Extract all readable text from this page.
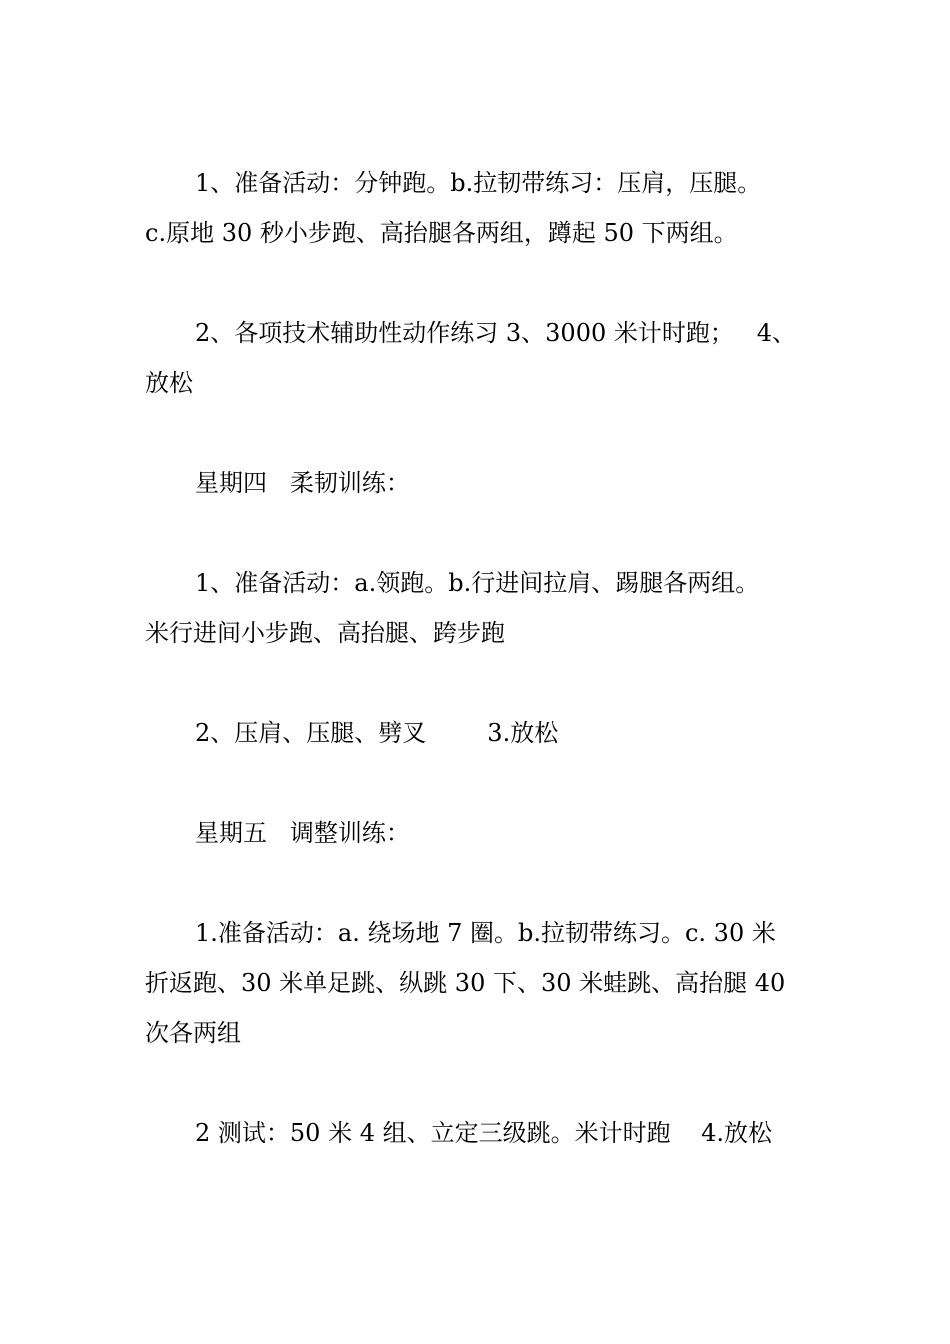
1、准备活动：分钟跑。b.拉韧带练习：压肩，压腿。
c.原地 30 秒小步跑、高抬腿各两组，蹲起 50 下两组。
2、各项技术辅助性动作练习 3、3000 米计时跑；   4、
放松
星期四   柔韧训练：
1、准备活动：a.领跑。b.行进间拉肩、踢腿各两组。
米行进间小步跑、高抬腿、跨步跑
2、压肩、压腿、劈叉        3.放松
星期五   调整训练：
1.准备活动：a. 绕场地 7 圈。b.拉韧带练习。c. 30 米
折返跑、30 米单足跳、纵跳 30 下、30 米蛙跳、高抬腿 40
次各两组
2 测试：50 米 4 组、立定三级跳。米计时跑    4.放松
